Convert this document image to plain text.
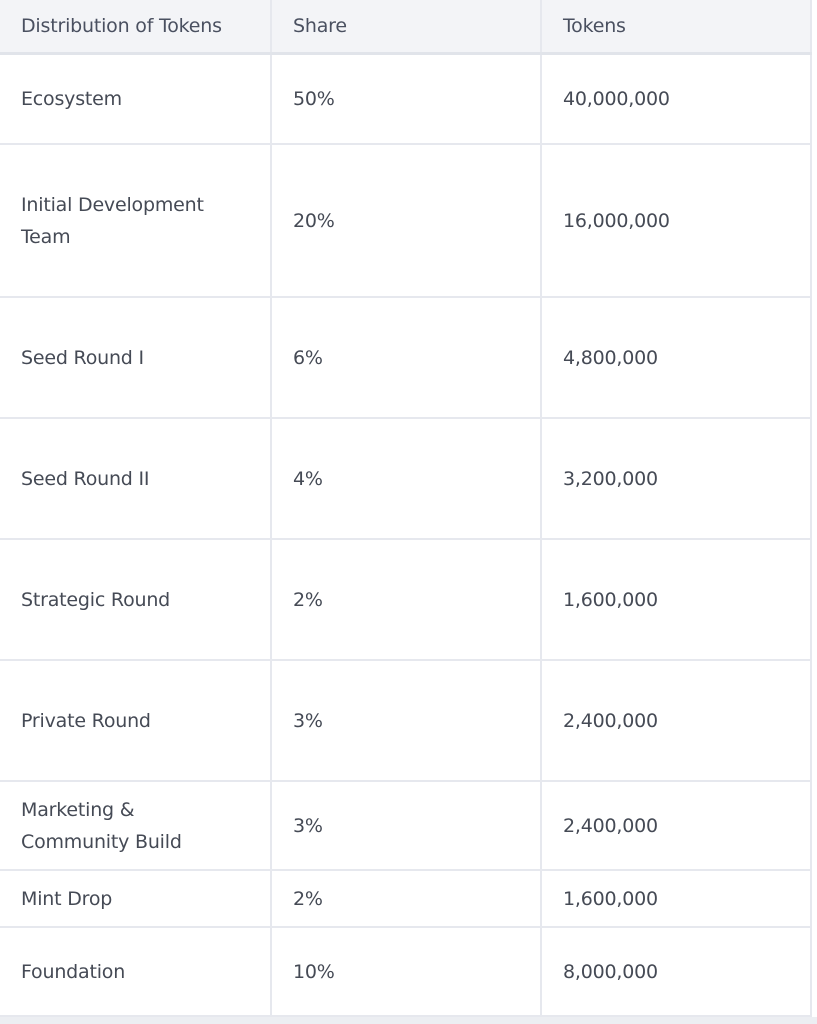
Distribution of Tokens	Share	Tokens
Ecosystem	50%	40,000,000
Initial Development Team	20%	16,000,000
Seed Round I	6%	4,800,000
Seed Round II	4%	3,200,000
Strategic Round	2%	1,600,000
Private Round	3%	2,400,000
Marketing & Community Build	3%	2,400,000
Mint Drop	2%	1,600,000
Foundation	10%	8,000,000
